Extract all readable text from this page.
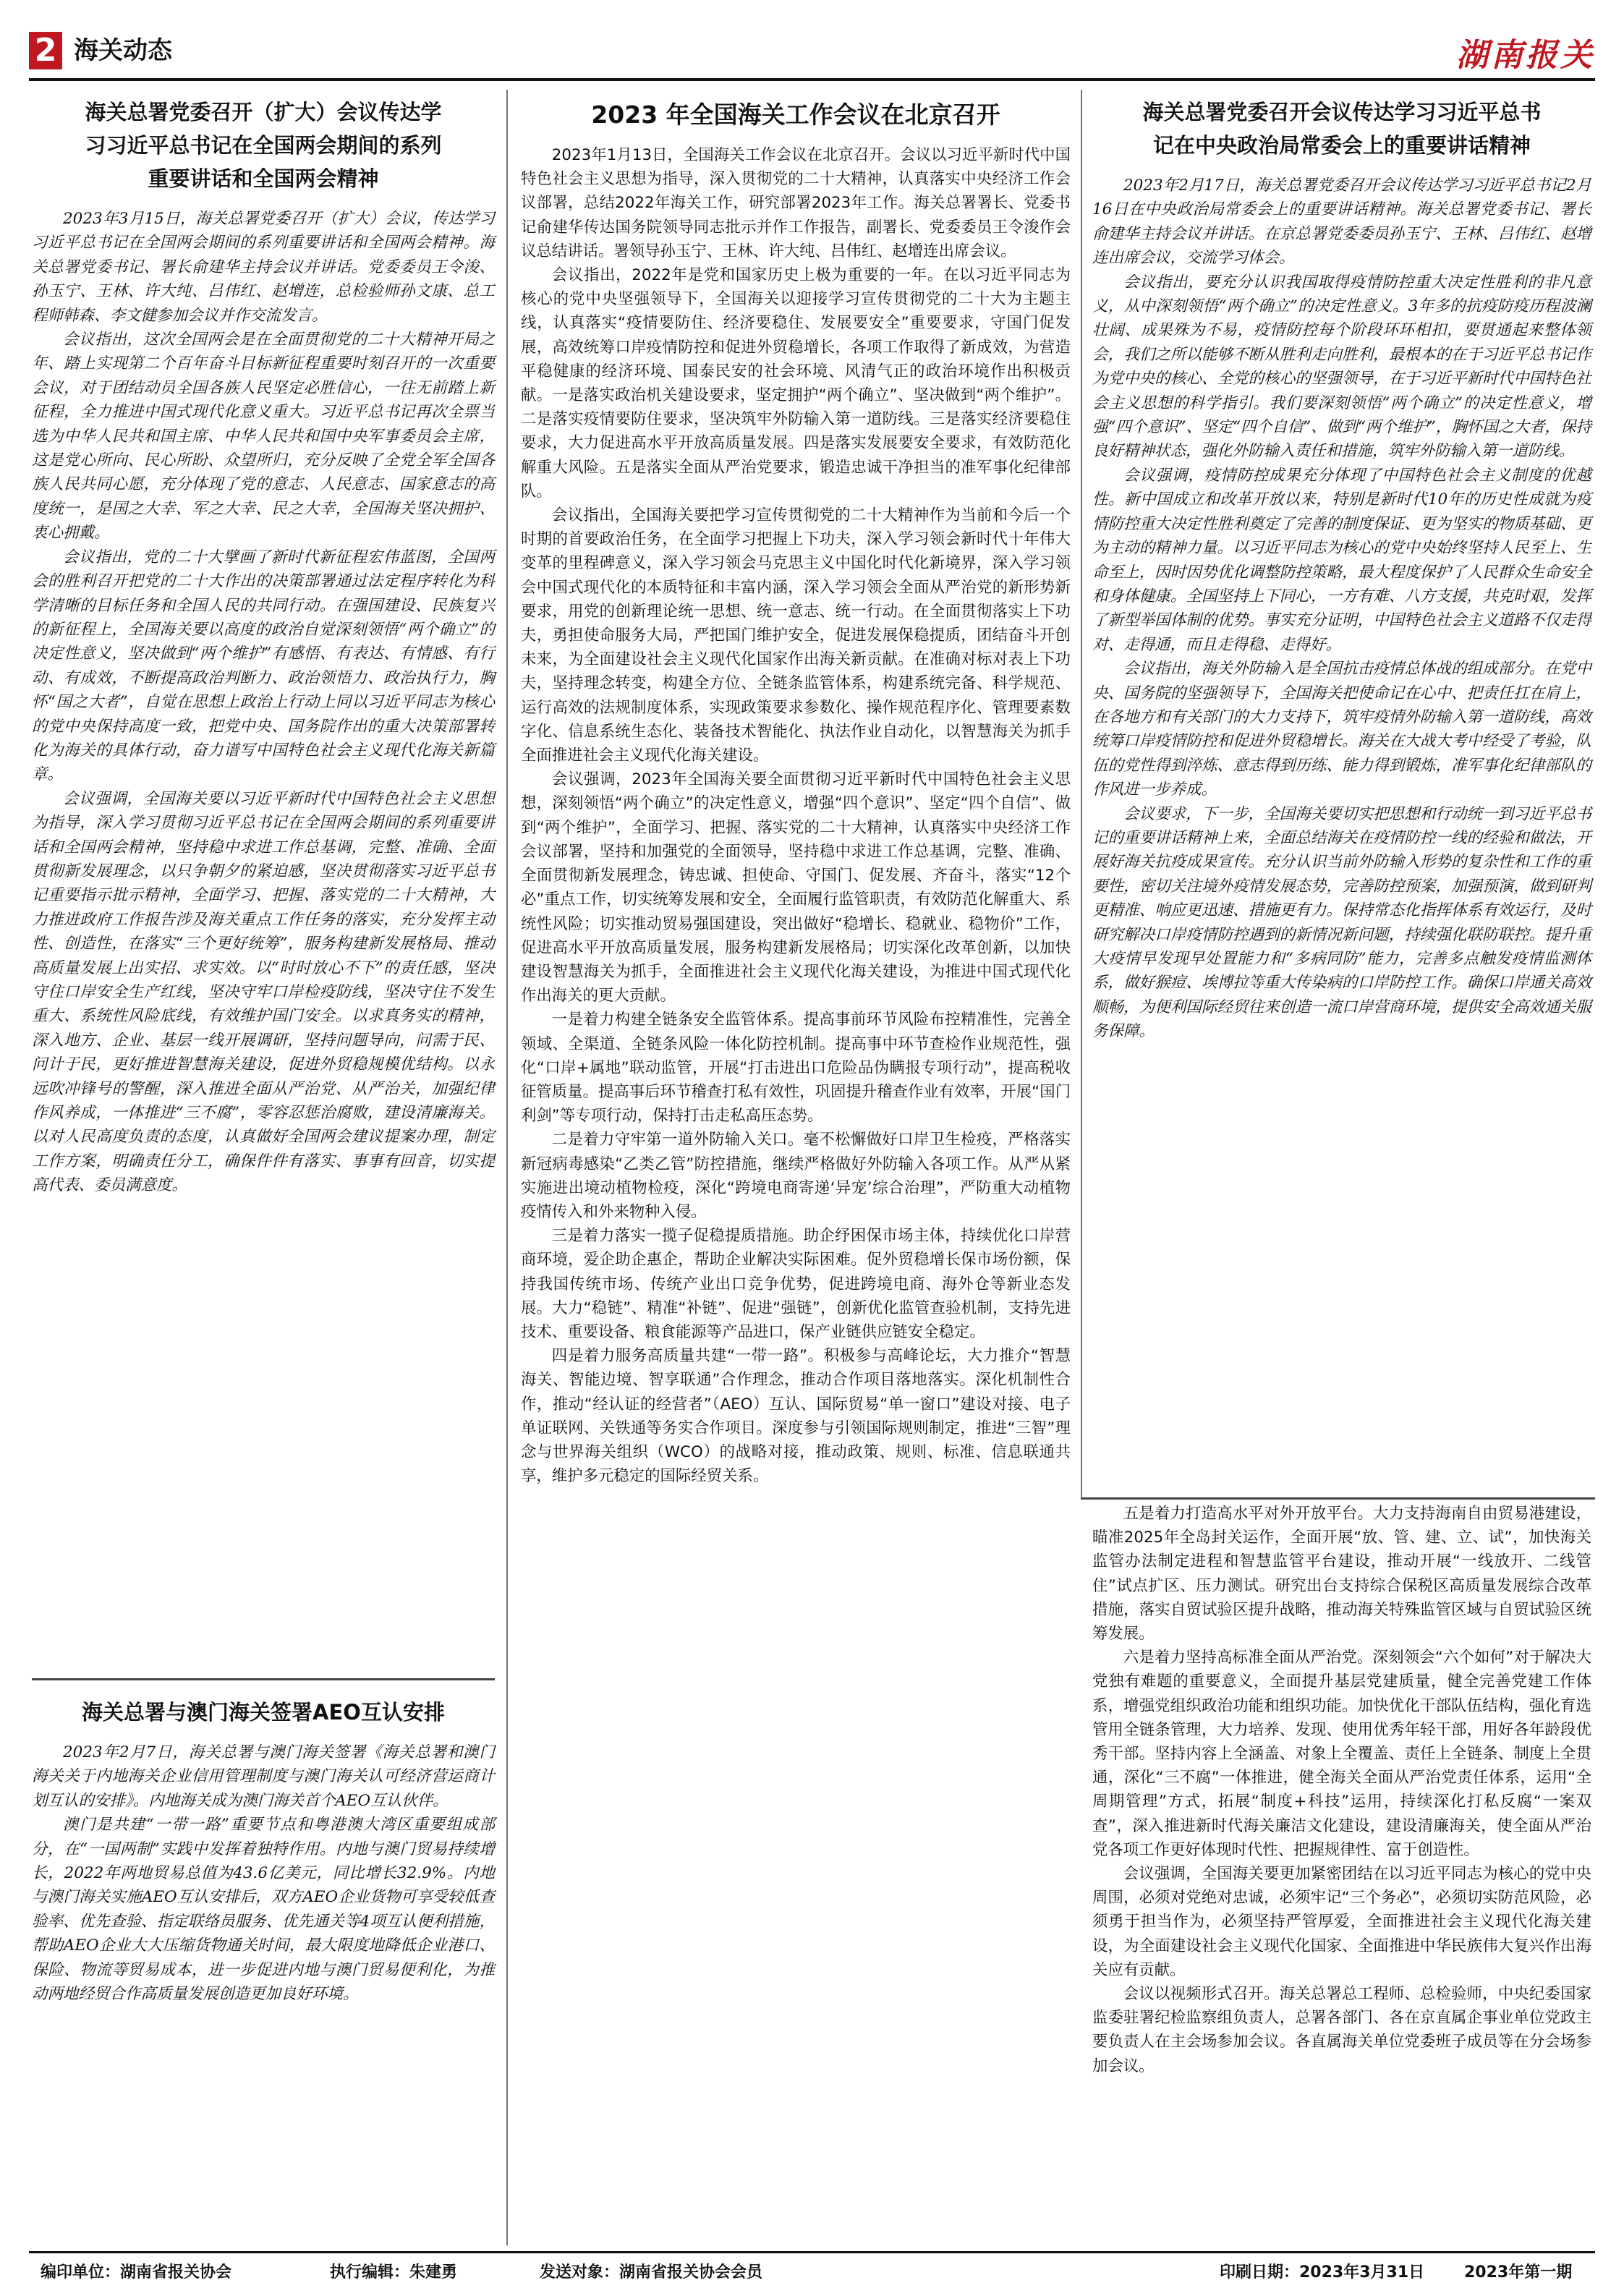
2 海关动态	湖南报关
海关总署党委召开（扩大）会议传达学
习习近平总书记在全国两会期间的系列
重要讲话和全国两会精神

2023年3月15日，海关总署党委召开（扩大）会议，传达学习习近平总书记在全国两会期间的系列重要讲话和全国两会精神。海关总署党委书记、署长俞建华主持会议并讲话。党委委员王令浚、孙玉宁、王林、许大纯、吕伟红、赵增连，总检验师孙文康、总工程师韩森、李文健参加会议并作交流发言。

会议指出，这次全国两会是在全面贯彻党的二十大精神开局之年、踏上实现第二个百年奋斗目标新征程重要时刻召开的一次重要会议，对于团结动员全国各族人民坚定必胜信心，一往无前踏上新征程，全力推进中国式现代化意义重大。习近平总书记再次全票当选为中华人民共和国主席、中华人民共和国中央军事委员会主席，这是党心所向、民心所盼、众望所归，充分反映了全党全军全国各族人民共同心愿，充分体现了党的意志、人民意志、国家意志的高度统一，是国之大幸、军之大幸、民之大幸，全国海关坚决拥护、衷心拥戴。

会议指出，党的二十大擘画了新时代新征程宏伟蓝图，全国两会的胜利召开把党的二十大作出的决策部署通过法定程序转化为科学清晰的目标任务和全国人民的共同行动。在强国建设、民族复兴的新征程上，全国海关要以高度的政治自觉深刻领悟“两个确立”的决定性意义，坚决做到“两个维护”有感悟、有表达、有情感、有行动、有成效，不断提高政治判断力、政治领悟力、政治执行力，胸怀“国之大者”，自觉在思想上政治上行动上同以习近平同志为核心的党中央保持高度一致，把党中央、国务院作出的重大决策部署转化为海关的具体行动，奋力谱写中国特色社会主义现代化海关新篇章。

会议强调，全国海关要以习近平新时代中国特色社会主义思想为指导，深入学习贯彻习近平总书记在全国两会期间的系列重要讲话和全国两会精神，坚持稳中求进工作总基调，完整、准确、全面贯彻新发展理念，以只争朝夕的紧迫感，坚决贯彻落实习近平总书记重要指示批示精神，全面学习、把握、落实党的二十大精神，大力推进政府工作报告涉及海关重点工作任务的落实，充分发挥主动性、创造性，在落实“三个更好统筹”，服务构建新发展格局、推动高质量发展上出实招、求实效。以“时时放心不下”的责任感，坚决守住口岸安全生产红线，坚决守牢口岸检疫防线，坚决守住不发生重大、系统性风险底线，有效维护国门安全。以求真务实的精神，深入地方、企业、基层一线开展调研，坚持问题导向，问需于民、问计于民，更好推进智慧海关建设，促进外贸稳规模优结构。以永远吹冲锋号的警醒，深入推进全面从严治党、从严治关，加强纪律作风养成，一体推进“三不腐”，零容忍惩治腐败，建设清廉海关。以对人民高度负责的态度，认真做好全国两会建议提案办理，制定工作方案，明确责任分工，确保件件有落实、事事有回音，切实提高代表、委员满意度。

海关总署与澳门海关签署AEO互认安排

2023年2月7日，海关总署与澳门海关签署《海关总署和澳门海关关于内地海关企业信用管理制度与澳门海关认可经济营运商计划互认的安排》。内地海关成为澳门海关首个AEO互认伙伴。

澳门是共建“一带一路”重要节点和粤港澳大湾区重要组成部分，在“一国两制”实践中发挥着独特作用。内地与澳门贸易持续增长，2022年两地贸易总值为43.6亿美元，同比增长32.9%。内地与澳门海关实施AEO互认安排后，双方AEO企业货物可享受较低查验率、优先查验、指定联络员服务、优先通关等4项互认便利措施，帮助AEO企业大大压缩货物通关时间，最大限度地降低企业港口、保险、物流等贸易成本，进一步促进内地与澳门贸易便利化，为推动两地经贸合作高质量发展创造更加良好环境。

2023 年全国海关工作会议在北京召开

2023年1月13日，全国海关工作会议在北京召开。会议以习近平新时代中国特色社会主义思想为指导，深入贯彻党的二十大精神，认真落实中央经济工作会议部署，总结2022年海关工作，研究部署2023年工作。海关总署署长、党委书记俞建华传达国务院领导同志批示并作工作报告，副署长、党委委员王令浚作会议总结讲话。署领导孙玉宁、王林、许大纯、吕伟红、赵增连出席会议。

会议指出，2022年是党和国家历史上极为重要的一年。在以习近平同志为核心的党中央坚强领导下，全国海关以迎接学习宣传贯彻党的二十大为主题主线，认真落实“疫情要防住、经济要稳住、发展要安全”重要要求，守国门促发展，高效统筹口岸疫情防控和促进外贸稳增长，各项工作取得了新成效，为营造平稳健康的经济环境、国泰民安的社会环境、风清气正的政治环境作出积极贡献。一是落实政治机关建设要求，坚定拥护“两个确立”、坚决做到“两个维护”。二是落实疫情要防住要求，坚决筑牢外防输入第一道防线。三是落实经济要稳住要求，大力促进高水平开放高质量发展。四是落实发展要安全要求，有效防范化解重大风险。五是落实全面从严治党要求，锻造忠诚干净担当的准军事化纪律部队。

会议指出，全国海关要把学习宣传贯彻党的二十大精神作为当前和今后一个时期的首要政治任务，在全面学习把握上下功夫，深入学习领会新时代十年伟大变革的里程碑意义，深入学习领会马克思主义中国化时代化新境界，深入学习领会中国式现代化的本质特征和丰富内涵，深入学习领会全面从严治党的新形势新要求，用党的创新理论统一思想、统一意志、统一行动。在全面贯彻落实上下功夫，勇担使命服务大局，严把国门维护安全，促进发展保稳提质，团结奋斗开创未来，为全面建设社会主义现代化国家作出海关新贡献。在准确对标对表上下功夫，坚持理念转变，构建全方位、全链条监管体系，构建系统完备、科学规范、运行高效的法规制度体系，实现政策要求参数化、操作规范程序化、管理要素数字化、信息系统生态化、装备技术智能化、执法作业自动化，以智慧海关为抓手全面推进社会主义现代化海关建设。

会议强调，2023年全国海关要全面贯彻习近平新时代中国特色社会主义思想，深刻领悟“两个确立”的决定性意义，增强“四个意识”、坚定“四个自信”、做到“两个维护”，全面学习、把握、落实党的二十大精神，认真落实中央经济工作会议部署，坚持和加强党的全面领导，坚持稳中求进工作总基调，完整、准确、全面贯彻新发展理念，铸忠诚、担使命、守国门、促发展、齐奋斗，落实“12个必”重点工作，切实统筹发展和安全，全面履行监管职责，有效防范化解重大、系统性风险；切实推动贸易强国建设，突出做好“稳增长、稳就业、稳物价”工作，促进高水平开放高质量发展，服务构建新发展格局；切实深化改革创新，以加快建设智慧海关为抓手，全面推进社会主义现代化海关建设，为推进中国式现代化作出海关的更大贡献。

一是着力构建全链条安全监管体系。提高事前环节风险布控精准性，完善全领域、全渠道、全链条风险一体化防控机制。提高事中环节查检作业规范性，强化“口岸+属地”联动监管，开展“打击进出口危险品伪瞒报专项行动”，提高税收征管质量。提高事后环节稽查打私有效性，巩固提升稽查作业有效率，开展“国门利剑”等专项行动，保持打击走私高压态势。

二是着力守牢第一道外防输入关口。毫不松懈做好口岸卫生检疫，严格落实新冠病毒感染“乙类乙管”防控措施，继续严格做好外防输入各项工作。从严从紧实施进出境动植物检疫，深化“跨境电商寄递‘异宠’综合治理”，严防重大动植物疫情传入和外来物种入侵。

三是着力落实一揽子促稳提质措施。助企纾困保市场主体，持续优化口岸营商环境，爱企助企惠企，帮助企业解决实际困难。促外贸稳增长保市场份额，保持我国传统市场、传统产业出口竞争优势，促进跨境电商、海外仓等新业态发展。大力“稳链”、精准“补链”、促进“强链”，创新优化监管查验机制，支持先进技术、重要设备、粮食能源等产品进口，保产业链供应链安全稳定。

四是着力服务高质量共建“一带一路”。积极参与高峰论坛，大力推介“智慧海关、智能边境、智享联通”合作理念，推动合作项目落地落实。深化机制性合作，推动“经认证的经营者”（AEO）互认、国际贸易“单一窗口”建设对接、电子单证联网、关铁通等务实合作项目。深度参与引领国际规则制定，推进“三智”理念与世界海关组织（WCO）的战略对接，推动政策、规则、标准、信息联通共享，维护多元稳定的国际经贸关系。

五是着力打造高水平对外开放平台。大力支持海南自由贸易港建设，瞄准2025年全岛封关运作，全面开展“放、管、建、立、试”，加快海关监管办法制定进程和智慧监管平台建设，推动开展“一线放开、二线管住”试点扩区、压力测试。研究出台支持综合保税区高质量发展综合改革措施，落实自贸试验区提升战略，推动海关特殊监管区域与自贸试验区统筹发展。

六是着力坚持高标准全面从严治党。深刻领会“六个如何”对于解决大党独有难题的重要意义，全面提升基层党建质量，健全完善党建工作体系，增强党组织政治功能和组织功能。加快优化干部队伍结构，强化育选管用全链条管理，大力培养、发现、使用优秀年轻干部，用好各年龄段优秀干部。坚持内容上全涵盖、对象上全覆盖、责任上全链条、制度上全贯通，深化“三不腐”一体推进，健全海关全面从严治党责任体系，运用“全周期管理”方式，拓展“制度+科技”运用，持续深化打私反腐“一案双查”，深入推进新时代海关廉洁文化建设，建设清廉海关，使全面从严治党各项工作更好体现时代性、把握规律性、富于创造性。

会议强调，全国海关要更加紧密团结在以习近平同志为核心的党中央周围，必须对党绝对忠诚，必须牢记“三个务必”，必须切实防范风险，必须勇于担当作为，必须坚持严管厚爱，全面推进社会主义现代化海关建设，为全面建设社会主义现代化国家、全面推进中华民族伟大复兴作出海关应有贡献。

会议以视频形式召开。海关总署总工程师、总检验师，中央纪委国家监委驻署纪检监察组负责人，总署各部门、各在京直属企事业单位党政主要负责人在主会场参加会议。各直属海关单位党委班子成员等在分会场参加会议。

海关总署党委召开会议传达学习习近平总书
记在中央政治局常委会上的重要讲话精神

2023年2月17日，海关总署党委召开会议传达学习习近平总书记2月16日在中央政治局常委会上的重要讲话精神。海关总署党委书记、署长俞建华主持会议并讲话。在京总署党委委员孙玉宁、王林、吕伟红、赵增连出席会议，交流学习体会。

会议指出，要充分认识我国取得疫情防控重大决定性胜利的非凡意义，从中深刻领悟“两个确立”的决定性意义。3年多的抗疫防疫历程波澜壮阔、成果殊为不易，疫情防控每个阶段环环相扣，要贯通起来整体领会，我们之所以能够不断从胜利走向胜利，最根本的在于习近平总书记作为党中央的核心、全党的核心的坚强领导，在于习近平新时代中国特色社会主义思想的科学指引。我们要深刻领悟“两个确立”的决定性意义，增强“四个意识”、坚定“四个自信”、做到“两个维护”，胸怀国之大者，保持良好精神状态，强化外防输入责任和措施，筑牢外防输入第一道防线。

会议强调，疫情防控成果充分体现了中国特色社会主义制度的优越性。新中国成立和改革开放以来，特别是新时代10年的历史性成就为疫情防控重大决定性胜利奠定了完善的制度保证、更为坚实的物质基础、更为主动的精神力量。以习近平同志为核心的党中央始终坚持人民至上、生命至上，因时因势优化调整防控策略，最大程度保护了人民群众生命安全和身体健康。全国坚持上下同心，一方有难、八方支援，共克时艰，发挥了新型举国体制的优势。事实充分证明，中国特色社会主义道路不仅走得对、走得通，而且走得稳、走得好。

会议指出，海关外防输入是全国抗击疫情总体战的组成部分。在党中央、国务院的坚强领导下，全国海关把使命记在心中、把责任扛在肩上，在各地方和有关部门的大力支持下，筑牢疫情外防输入第一道防线，高效统筹口岸疫情防控和促进外贸稳增长。海关在大战大考中经受了考验，队伍的党性得到淬炼、意志得到历练、能力得到锻炼，准军事化纪律部队的作风进一步养成。

会议要求，下一步，全国海关要切实把思想和行动统一到习近平总书记的重要讲话精神上来，全面总结海关在疫情防控一线的经验和做法，开展好海关抗疫成果宣传。充分认识当前外防输入形势的复杂性和工作的重要性，密切关注境外疫情发展态势，完善防控预案，加强预演，做到研判更精准、响应更迅速、措施更有力。保持常态化指挥体系有效运行，及时研究解决口岸疫情防控遇到的新情况新问题，持续强化联防联控。提升重大疫情早发现早处置能力和“多病同防”能力，完善多点触发疫情监测体系，做好猴痘、埃博拉等重大传染病的口岸防控工作。确保口岸通关高效顺畅，为便利国际经贸往来创造一流口岸营商环境，提供安全高效通关服务保障。

编印单位：湖南省报关协会	执行编辑：朱建勇	发送对象：湖南省报关协会会员	印刷日期：2023年3月31日 2023年第一期
